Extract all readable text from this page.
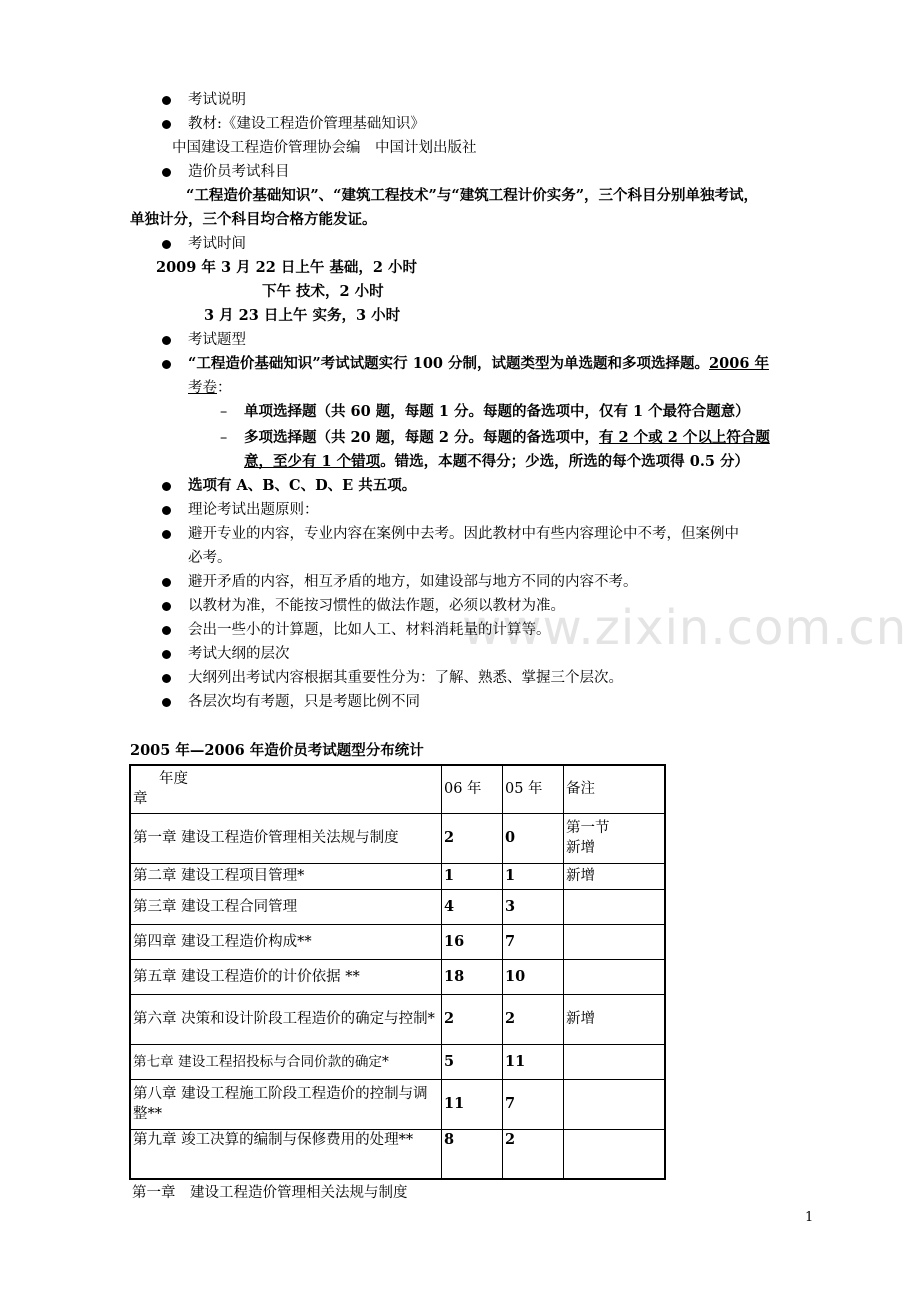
www.zixin.com.cn
考试说明
教材:《建设工程造价管理基础知识》
中国建设工程造价管理协会编　中国计划出版社
造价员考试科目
“工程造价基础知识”、“建筑工程技术”与“建筑工程计价实务”，三个科目分别单独考试，
单独计分，三个科目均合格方能发证。
考试时间
2009 年 3 月 22 日上午 基础，2 小时
下午 技术，2 小时
3 月 23 日上午 实务，3 小时
考试题型
“工程造价基础知识”考试试题实行 100 分制，试题类型为单选题和多项选择题。2006 年
考卷：
– 单项选择题（共 60 题，每题 1 分。每题的备选项中，仅有 1 个最符合题意）
– 多项选择题（共 20 题，每题 2 分。每题的备选项中，有 2 个或 2 个以上符合题
意，至少有 1 个错项。错选，本题不得分；少选，所选的每个选项得 0.5 分）
选项有 A、B、C、D、E 共五项。
理论考试出题原则：
避开专业的内容，专业内容在案例中去考。因此教材中有些内容理论中不考，但案例中
必考。
避开矛盾的内容，相互矛盾的地方，如建设部与地方不同的内容不考。
以教材为准，不能按习惯性的做法作题，必须以教材为准。
会出一些小的计算题，比如人工、材料消耗量的计算等。
考试大纲的层次
大纲列出考试内容根据其重要性分为：了解、熟悉、掌握三个层次。
各层次均有考题，只是考题比例不同
2005 年—2006 年造价员考试题型分布统计
年度
章	06 年	05 年	备注
第一章 建设工程造价管理相关法规与制度	2	0	第一节
新增
第二章 建设工程项目管理*	1	1	新增
第三章 建设工程合同管理	4	3	
第四章 建设工程造价构成**	16	7	
第五章 建设工程造价的计价依据 **	18	10	
第六章 决策和设计阶段工程造价的确定与控制*	2	2	新增
第七章 建设工程招投标与合同价款的确定*	5	11	
第八章 建设工程施工阶段工程造价的控制与调整**	11	7	
第九章 竣工决算的编制与保修费用的处理**	8	2	
第一章　建设工程造价管理相关法规与制度
1
